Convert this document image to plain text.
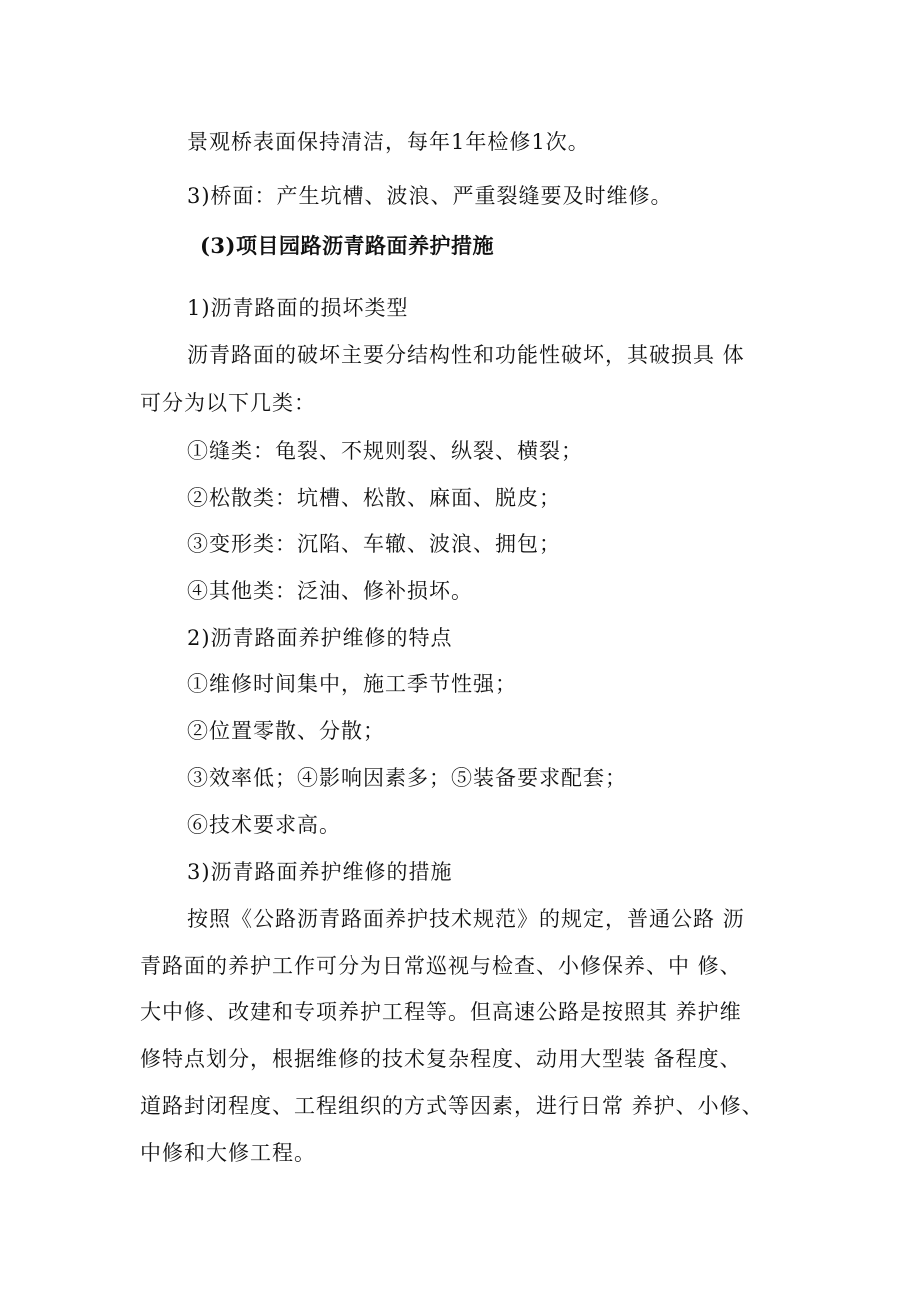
景观桥表面保持清洁，每年1年检修1次。
3)桥面：产生坑槽、波浪、严重裂缝要及时维修。
(3)项目园路沥青路面养护措施
1)沥青路面的损坏类型
沥青路面的破坏主要分结构性和功能性破坏，其破损具 体
可分为以下几类：
①缝类：龟裂、不规则裂、纵裂、横裂；
②松散类：坑槽、松散、麻面、脱皮；
③变形类：沉陷、车辙、波浪、拥包；
④其他类：泛油、修补损坏。
2)沥青路面养护维修的特点
①维修时间集中，施工季节性强；
②位置零散、分散；
③效率低；④影响因素多；⑤装备要求配套；
⑥技术要求高。
3)沥青路面养护维修的措施
按照《公路沥青路面养护技术规范》的规定，普通公路 沥
青路面的养护工作可分为日常巡视与检查、小修保养、中 修、
大中修、改建和专项养护工程等。但高速公路是按照其 养护维
修特点划分，根据维修的技术复杂程度、动用大型装 备程度、
道路封闭程度、工程组织的方式等因素，进行日常 养护、小修、
中修和大修工程。
